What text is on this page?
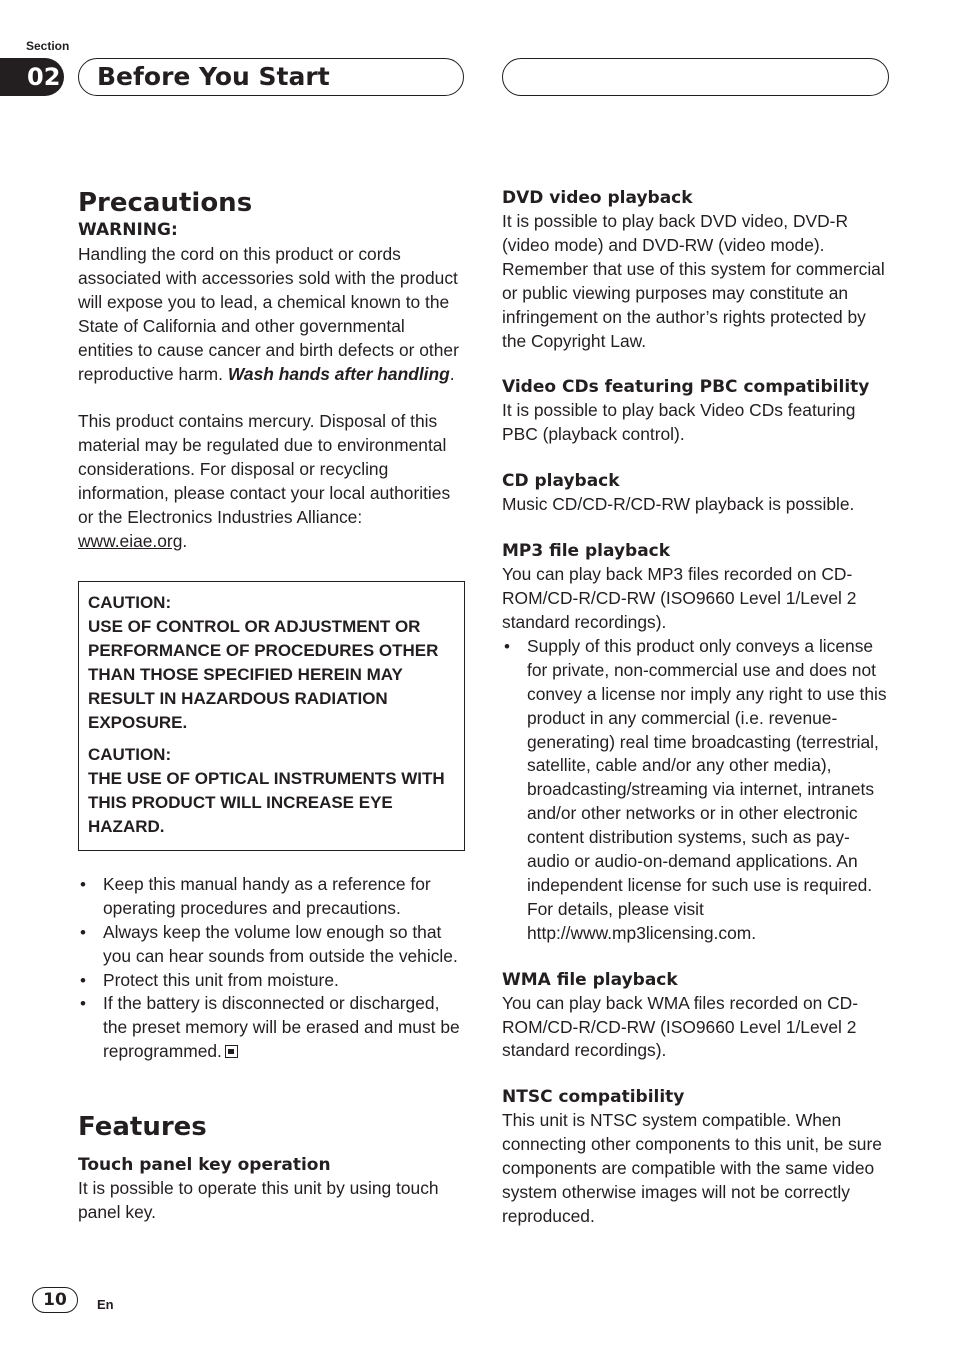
Section
02	Before You Start
Precautions
WARNING:

Handling the cord on this product or cords associated with accessories sold with the product will expose you to lead, a chemical known to the State of California and other governmental entities to cause cancer and birth defects or other reproductive harm. Wash hands after handling.

This product contains mercury. Disposal of this material may be regulated due to environmental considerations. For disposal or recycling information, please contact your local authorities or the Electronics Industries Alliance: www.eiae.org.

CAUTION:

USE OF CONTROL OR ADJUSTMENT OR PERFORMANCE OF PROCEDURES OTHER THAN THOSE SPECIFIED HEREIN MAY RESULT IN HAZARDOUS RADIATION EXPOSURE.

CAUTION:

THE USE OF OPTICAL INSTRUMENTS WITH THIS PRODUCT WILL INCREASE EYE HAZARD.

• Keep this manual handy as a reference for operating procedures and precautions.

• Always keep the volume low enough so that you can hear sounds from outside the vehicle.

• Protect this unit from moisture.

• If the battery is disconnected or discharged, the preset memory will be erased and must be reprogrammed.

Features
Touch panel key operation

It is possible to operate this unit by using touch panel key.

DVD video playback

It is possible to play back DVD video, DVD-R (video mode) and DVD-RW (video mode). Remember that use of this system for commercial or public viewing purposes may constitute an infringement on the author’s rights protected by the Copyright Law.

Video CDs featuring PBC compatibility

It is possible to play back Video CDs featuring PBC (playback control).

CD playback

Music CD/CD-R/CD-RW playback is possible.

MP3 file playback

You can play back MP3 files recorded on CD-ROM/CD-R/CD-RW (ISO9660 Level 1/Level 2 standard recordings).

• Supply of this product only conveys a license for private, non-commercial use and does not convey a license nor imply any right to use this product in any commercial (i.e. revenue-generating) real time broadcasting (terrestrial, satellite, cable and/or any other media), broadcasting/streaming via internet, intranets and/or other networks or in other electronic content distribution systems, such as pay-audio or audio-on-demand applications. An independent license for such use is required. For details, please visit http://www.mp3licensing.com.

WMA file playback

You can play back WMA files recorded on CD-ROM/CD-R/CD-RW (ISO9660 Level 1/Level 2 standard recordings).

NTSC compatibility

This unit is NTSC system compatible. When connecting other components to this unit, be sure components are compatible with the same video system otherwise images will not be correctly reproduced.

10	En
